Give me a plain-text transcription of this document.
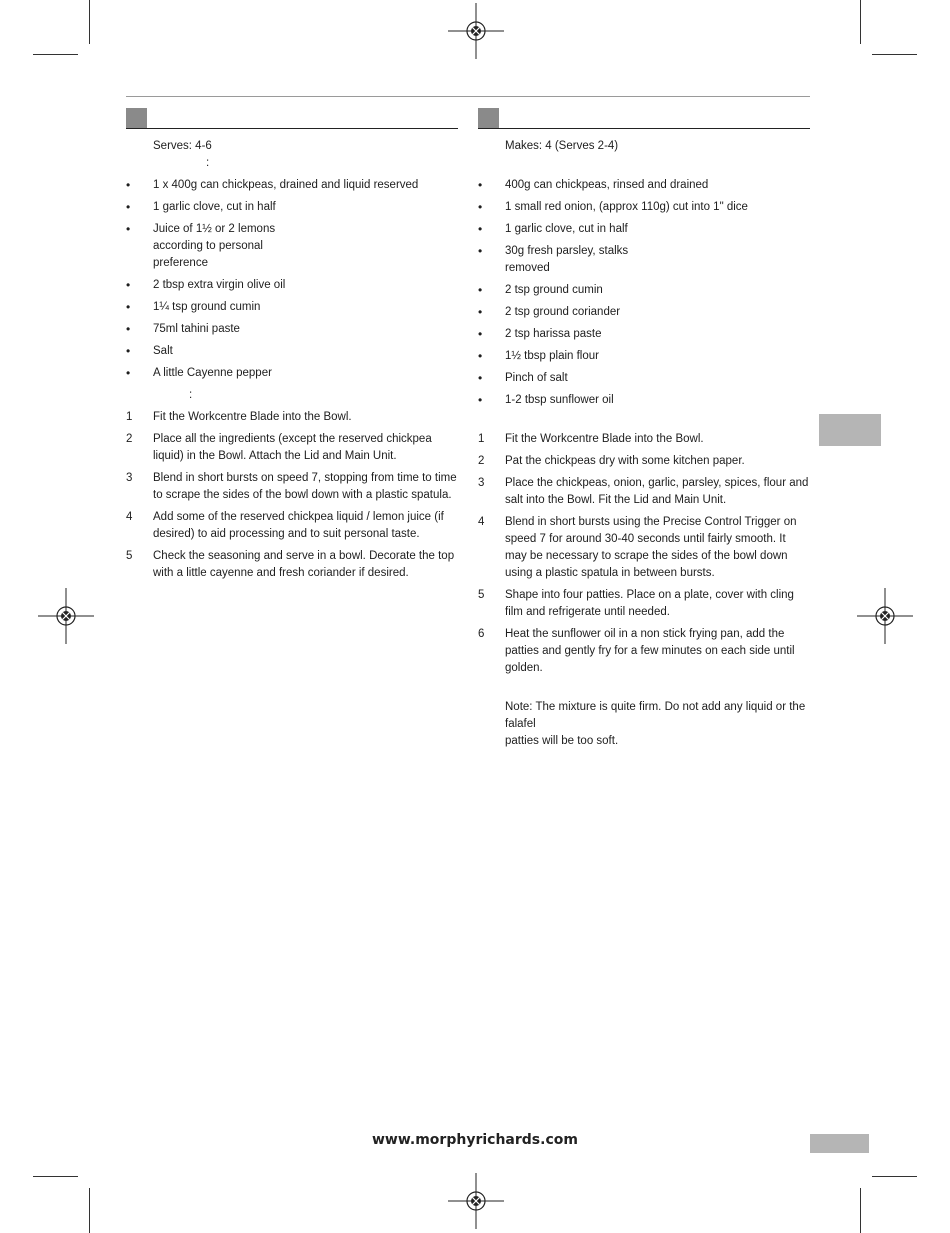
Serves: 4-6

:

•	1 x 400g can chickpeas, drained and liquid reserved

•	1 garlic clove, cut in half

•	Juice of 1½ or 2 lemons
according to personal
preference

•	2 tbsp extra virgin olive oil

•	1¼ tsp ground cumin

•	75ml tahini paste

•	Salt

•	A little Cayenne pepper

:

1	Fit the Workcentre Blade into the Bowl.

2	Place all the ingredients (except the reserved chickpea liquid) in the Bowl. Attach the Lid and Main Unit.

3	Blend in short bursts on speed 7, stopping from time to time to scrape the sides of the bowl down with a plastic spatula.

4	Add some of the reserved chickpea liquid / lemon juice (if desired) to aid processing and to suit personal taste.

5	Check the seasoning and serve in a bowl. Decorate the top with a little cayenne and fresh coriander if desired.

Makes: 4 (Serves 2-4)

•	400g can chickpeas, rinsed and drained

•	1 small red onion, (approx 110g) cut into 1" dice

•	1 garlic clove, cut in half

•	30g fresh parsley, stalks
removed

•	2 tsp ground cumin

•	2 tsp ground coriander

•	2 tsp harissa paste

•	1½ tbsp plain flour

•	Pinch of salt

•	1-2 tbsp sunflower oil

1	Fit the Workcentre Blade into the Bowl.

2	Pat the chickpeas dry with some kitchen paper.

3	Place the chickpeas, onion, garlic, parsley, spices, flour and salt into the Bowl. Fit the Lid and Main Unit.

4	Blend in short bursts using the Precise Control Trigger on speed 7 for around 30-40 seconds until fairly smooth. It may be necessary to scrape the sides of the bowl down using a plastic spatula in between bursts.

5	Shape into four patties. Place on a plate, cover with cling film and refrigerate until needed.

6	Heat the sunflower oil in a non stick frying pan, add the patties and gently fry for a few minutes on each side until golden.

Note: The mixture is quite firm. Do not add any liquid or the falafel
patties will be too soft.

www.morphyrichards.com
